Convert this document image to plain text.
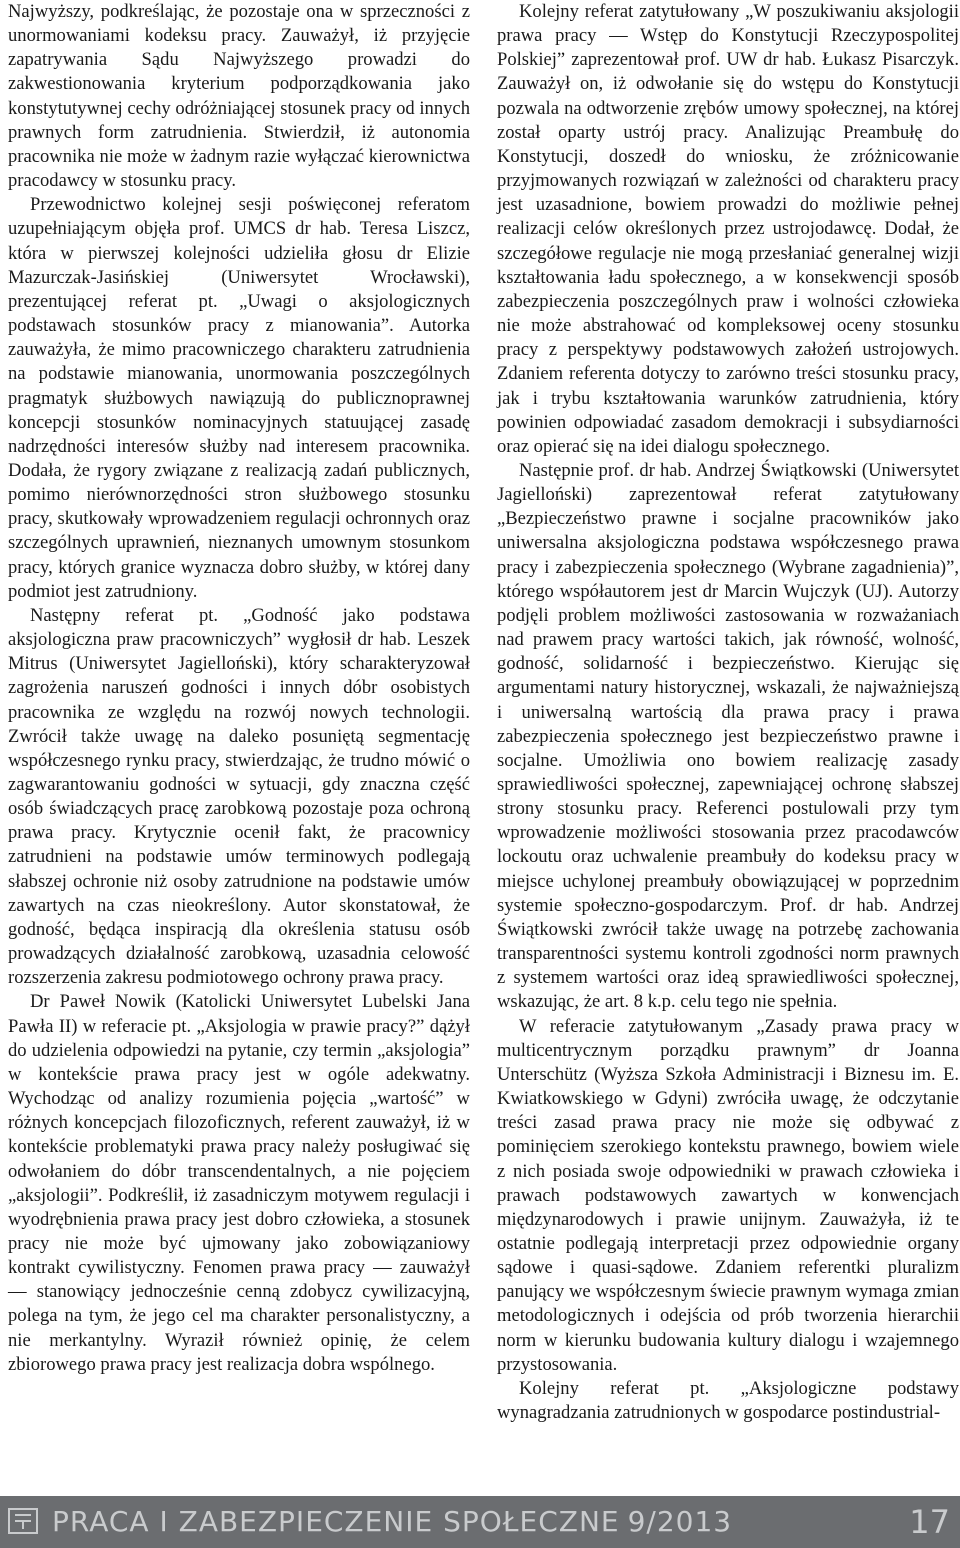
Najwyższy, podkreślając, że pozostaje ona w sprzeczności z unormowaniami kodeksu pracy. Zauważył, iż przyjęcie zapatrywania Sądu Najwyższego prowadzi do zakwestionowania kryterium podporządkowania jako konstytutywnej cechy odróżniającej stosunek pracy od innych prawnych form zatrudnienia. Stwierdził, iż autonomia pracownika nie może w żadnym razie wyłączać kierownictwa pracodawcy w stosunku pracy.

Przewodnictwo kolejnej sesji poświęconej referatom uzupełniającym objęła prof. UMCS dr hab. Teresa Liszcz, która w pierwszej kolejności udzieliła głosu dr Elizie Mazurczak-Jasińskiej (Uniwersytet Wrocławski), prezentującej referat pt. „Uwagi o aksjologicznych podstawach stosunków pracy z mianowania”. Autorka zauważyła, że mimo pracowniczego charakteru zatrudnienia na podstawie mianowania, unormowania poszczególnych pragmatyk służbowych nawiązują do publicznoprawnej koncepcji stosunków nominacyjnych statuującej zasadę nadrzędności interesów służby nad interesem pracownika. Dodała, że rygory związane z realizacją zadań publicznych, pomimo nierównorzędności stron służbowego stosunku pracy, skutkowały wprowadzeniem regulacji ochronnych oraz szczególnych uprawnień, nieznanych umownym stosunkom pracy, których granice wyznacza dobro służby, w której dany podmiot jest zatrudniony.

Następny referat pt. „Godność jako podstawa aksjologiczna praw pracowniczych” wygłosił dr hab. Leszek Mitrus (Uniwersytet Jagielloński), który scharakteryzował zagrożenia naruszeń godności i innych dóbr osobistych pracownika ze względu na rozwój nowych technologii. Zwrócił także uwagę na daleko posuniętą segmentację współczesnego rynku pracy, stwierdzając, że trudno mówić o zagwarantowaniu godności w sytuacji, gdy znaczna część osób świadczących pracę zarobkową pozostaje poza ochroną prawa pracy. Krytycznie ocenił fakt, że pracownicy zatrudnieni na podstawie umów terminowych podlegają słabszej ochronie niż osoby zatrudnione na podstawie umów zawartych na czas nieokreślony. Autor skonstatował, że godność, będąca inspiracją dla określenia statusu osób prowadzących działalność zarobkową, uzasadnia celowość rozszerzenia zakresu podmiotowego ochrony prawa pracy.

Dr Paweł Nowik (Katolicki Uniwersytet Lubelski Jana Pawła II) w referacie pt. „Aksjologia w prawie pracy?” dążył do udzielenia odpowiedzi na pytanie, czy termin „aksjologia” w kontekście prawa pracy jest w ogóle adekwatny. Wychodząc od analizy rozumienia pojęcia „wartość” w różnych koncepcjach filozoficznych, referent zauważył, iż w kontekście problematyki prawa pracy należy posługiwać się odwołaniem do dóbr transcendentalnych, a nie pojęciem „aksjologii”. Podkreślił, iż zasadniczym motywem regulacji i wyodrębnienia prawa pracy jest dobro człowieka, a stosunek pracy nie może być ujmowany jako zobowiązaniowy kontrakt cywilistyczny. Fenomen prawa pracy — zauważył — stanowiący jednocześnie cenną zdobycz cywilizacyjną, polega na tym, że jego cel ma charakter personalistyczny, a nie merkantylny. Wyraził również opinię, że celem zbiorowego prawa pracy jest realizacja dobra wspólnego.

Kolejny referat zatytułowany „W poszukiwaniu aksjologii prawa pracy — Wstęp do Konstytucji Rzeczypospolitej Polskiej” zaprezentował prof. UW dr hab. Łukasz Pisarczyk. Zauważył on, iż odwołanie się do wstępu do Konstytucji pozwala na odtworzenie zrębów umowy społecznej, na której został oparty ustrój pracy. Analizując Preambułę do Konstytucji, doszedł do wniosku, że zróżnicowanie przyjmowanych rozwiązań w zależności od charakteru pracy jest uzasadnione, bowiem prowadzi do możliwie pełnej realizacji celów określonych przez ustrojodawcę. Dodał, że szczegółowe regulacje nie mogą przesłaniać generalnej wizji kształtowania ładu społecznego, a w konsekwencji sposób zabezpieczenia poszczególnych praw i wolności człowieka nie może abstrahować od kompleksowej oceny stosunku pracy z perspektywy podstawowych założeń ustrojowych. Zdaniem referenta dotyczy to zarówno treści stosunku pracy, jak i trybu kształtowania warunków zatrudnienia, który powinien odpowiadać zasadom demokracji i subsydiarności oraz opierać się na idei dialogu społecznego.

Następnie prof. dr hab. Andrzej Świątkowski (Uniwersytet Jagielloński) zaprezentował referat zatytułowany „Bezpieczeństwo prawne i socjalne pracowników jako uniwersalna aksjologiczna podstawa współczesnego prawa pracy i zabezpieczenia społecznego (Wybrane zagadnienia)”, którego współautorem jest dr Marcin Wujczyk (UJ). Autorzy podjęli problem możliwości zastosowania w rozważaniach nad prawem pracy wartości takich, jak równość, wolność, godność, solidarność i bezpieczeństwo. Kierując się argumentami natury historycznej, wskazali, że najważniejszą i uniwersalną wartością dla prawa pracy i prawa zabezpieczenia społecznego jest bezpieczeństwo prawne i socjalne. Umożliwia ono bowiem realizację zasady sprawiedliwości społecznej, zapewniającej ochronę słabszej strony stosunku pracy. Referenci postulowali przy tym wprowadzenie możliwości stosowania przez pracodawców lockoutu oraz uchwalenie preambuły do kodeksu pracy w miejsce uchylonej preambuły obowiązującej w poprzednim systemie społeczno-gospodarczym. Prof. dr hab. Andrzej Świątkowski zwrócił także uwagę na potrzebę zachowania transparentności systemu kontroli zgodności norm prawnych z systemem wartości oraz ideą sprawiedliwości społecznej, wskazując, że art. 8 k.p. celu tego nie spełnia.

W referacie zatytułowanym „Zasady prawa pracy w multicentrycznym porządku prawnym” dr Joanna Unterschütz (Wyższa Szkoła Administracji i Biznesu im. E. Kwiatkowskiego w Gdyni) zwróciła uwagę, że odczytanie treści zasad prawa pracy nie może się odbywać z pominięciem szerokiego kontekstu prawnego, bowiem wiele z nich posiada swoje odpowiedniki w prawach człowieka i prawach podstawowych zawartych w konwencjach międzynarodowych i prawie unijnym. Zauważyła, iż te ostatnie podlegają interpretacji przez odpowiednie organy sądowe i quasi-sądowe. Zdaniem referentki pluralizm panujący we współczesnym świecie prawnym wymaga zmian metodologicznych i odejścia od prób tworzenia hierarchii norm w kierunku budowania kultury dialogu i wzajemnego przystosowania.

Kolejny referat pt. „Aksjologiczne podstawy wynagradzania zatrudnionych w gospodarce postindustrial-

PRACA I ZABEZPIECZENIE SPOŁECZNE 9/2013	17
